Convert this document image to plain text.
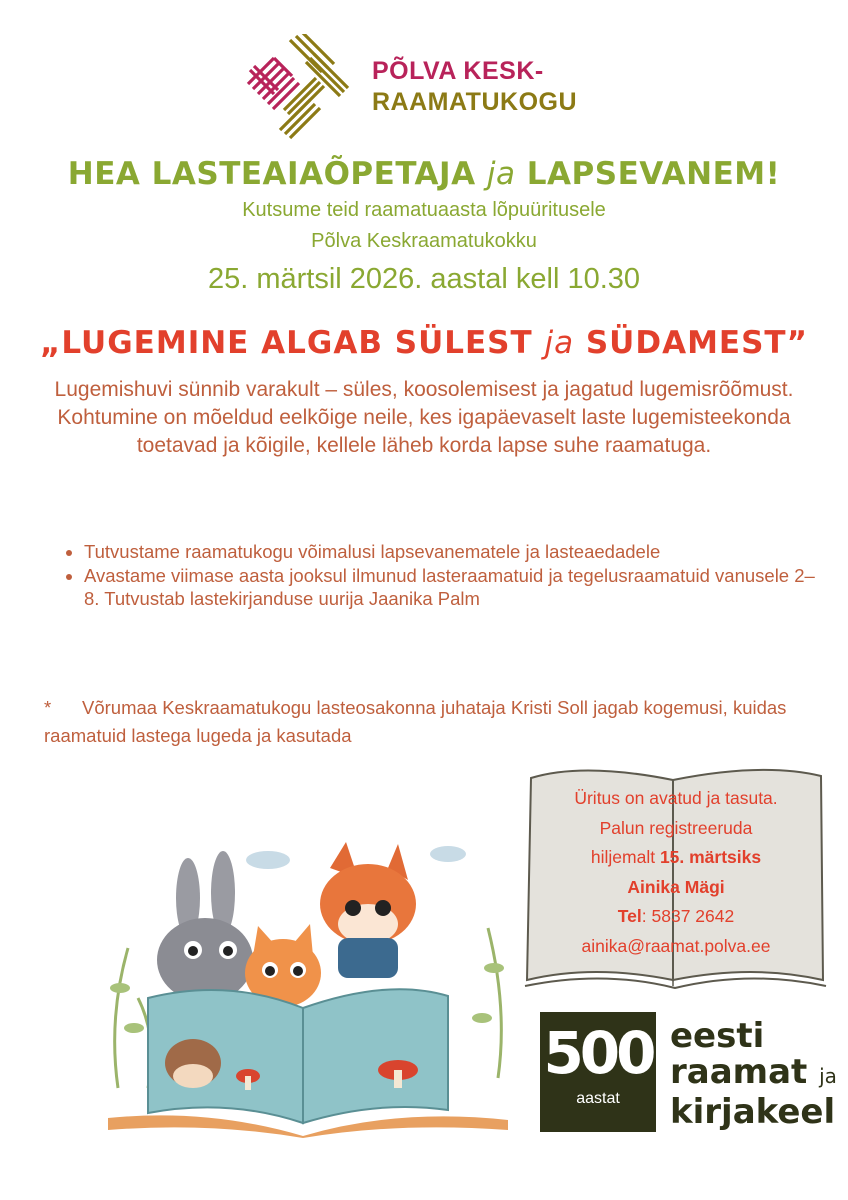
PÕLVA KESK-
RAAMATUKOGU
HEA LASTEAIAÕPETAJA ja LAPSEVANEM!
Kutsume teid raamatuaasta lõpuüritusele
Põlva Keskraamatukokku
25. märtsil 2026. aastal kell 10.30
„LUGEMINE ALGAB SÜLEST ja SÜDAMEST”
Lugemishuvi sünnib varakult – süles, koosolemisest ja jagatud lugemisrõõmust. Kohtumine on mõeldud eelkõige neile, kes igapäevaselt laste lugemisteekonda toetavad ja kõigile, kellele läheb korda lapse suhe raamatuga.
• Tutvustame raamatukogu võimalusi lapsevanematele ja lasteaedadele
• Avastame viimase aasta jooksul ilmunud lasteraamatuid ja tegelusraamatuid vanusele 2–8. Tutvustab lastekirjanduse uurija Jaanika Palm
* Võrumaa Keskraamatukogu lasteosakonna juhataja Kristi Soll jagab kogemusi, kuidas raamatuid lastega lugeda ja kasutada
Üritus on avatud ja tasuta.
Palun registreeruda
hiljemalt 15. märtsiks
Ainika Mägi
Tel: 5837 2642
ainika@raamat.polva.ee
500
aastat
eesti
raamat ja
kirjakeel
